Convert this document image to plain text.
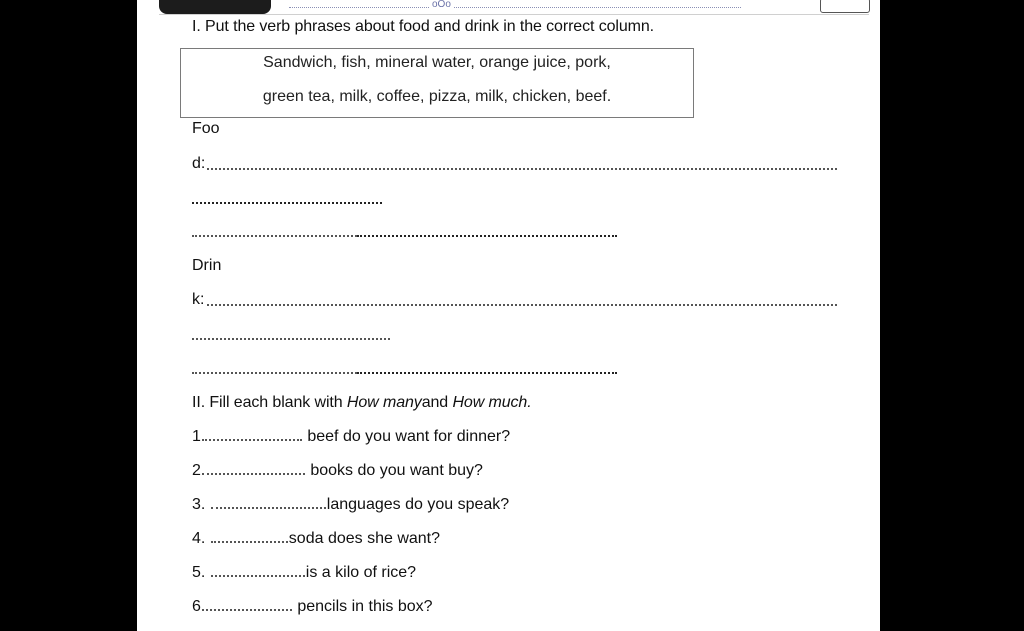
oOo
I. Put the verb phrases about food and drink in the correct column.
Sandwich, fish, mineral water, orange juice, pork,
green tea, milk, coffee, pizza, milk, chicken, beef.
Foo
d:
Drin
k:
II. Fill each blank with How manyand How much.
1	beef do you want for dinner?
2	books do you want buy?
3.	languages do you speak?
4.	soda does she want?
5.	is a kilo of rice?
6	pencils in this box?
